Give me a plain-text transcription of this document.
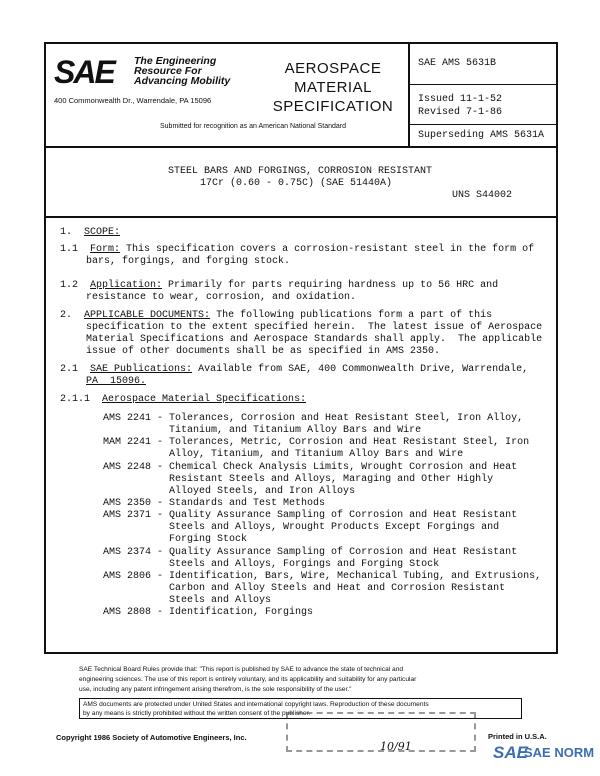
SAE The Engineering
Resource For
Advancing Mobility
400 Commonwealth Dr., Warrendale, PA 15096
AEROSPACE
MATERIAL
SPECIFICATION
Submitted for recognition as an American National Standard
SAE AMS 5631B
Issued 11-1-52
Revised 7-1-86
Superseding AMS 5631A
STEEL BARS AND FORGINGS, CORROSION RESISTANT
17Cr (0.60 - 0.75C) (SAE 51440A)
UNS S44002
1. SCOPE:
1.1 Form: This specification covers a corrosion-resistant steel in the form of
bars, forgings, and forging stock.
1.2 Application: Primarily for parts requiring hardness up to 56 HRC and
resistance to wear, corrosion, and oxidation.
2. APPLICABLE DOCUMENTS: The following publications form a part of this
specification to the extent specified herein.  The latest issue of Aerospace
Material Specifications and Aerospace Standards shall apply.  The applicable
issue of other documents shall be as specified in AMS 2350.
2.1 SAE Publications: Available from SAE, 400 Commonwealth Drive, Warrendale,
PA  15096.
2.1.1 Aerospace Material Specifications:
AMS 2241 - Tolerances, Corrosion and Heat Resistant Steel, Iron Alloy,
Titanium, and Titanium Alloy Bars and Wire
MAM 2241 - Tolerances, Metric, Corrosion and Heat Resistant Steel, Iron
Alloy, Titanium, and Titanium Alloy Bars and Wire
AMS 2248 - Chemical Check Analysis Limits, Wrought Corrosion and Heat
Resistant Steels and Alloys, Maraging and Other Highly
Alloyed Steels, and Iron Alloys
AMS 2350 - Standards and Test Methods
AMS 2371 - Quality Assurance Sampling of Corrosion and Heat Resistant
Steels and Alloys, Wrought Products Except Forgings and
Forging Stock
AMS 2374 - Quality Assurance Sampling of Corrosion and Heat Resistant
Steels and Alloys, Forgings and Forging Stock
AMS 2806 - Identification, Bars, Wire, Mechanical Tubing, and Extrusions,
Carbon and Alloy Steels and Heat and Corrosion Resistant
Steels and Alloys
AMS 2808 - Identification, Forgings
SAE Technical Board Rules provide that: "This report is published by SAE to advance the state of technical and
engineering sciences. The use of this report is entirely voluntary, and its applicability and suitability for any particular
use, including any patent infringement arising therefrom, is the sole responsibility of the user."
AMS documents are protected under United States and international copyright laws. Reproduction of these documents
by any means is strictly prohibited without the written consent of the publisher.
Copyright 1986 Society of Automotive Engineers, Inc.	Printed in U.S.A.
10/91	SAE
SAE NORM
